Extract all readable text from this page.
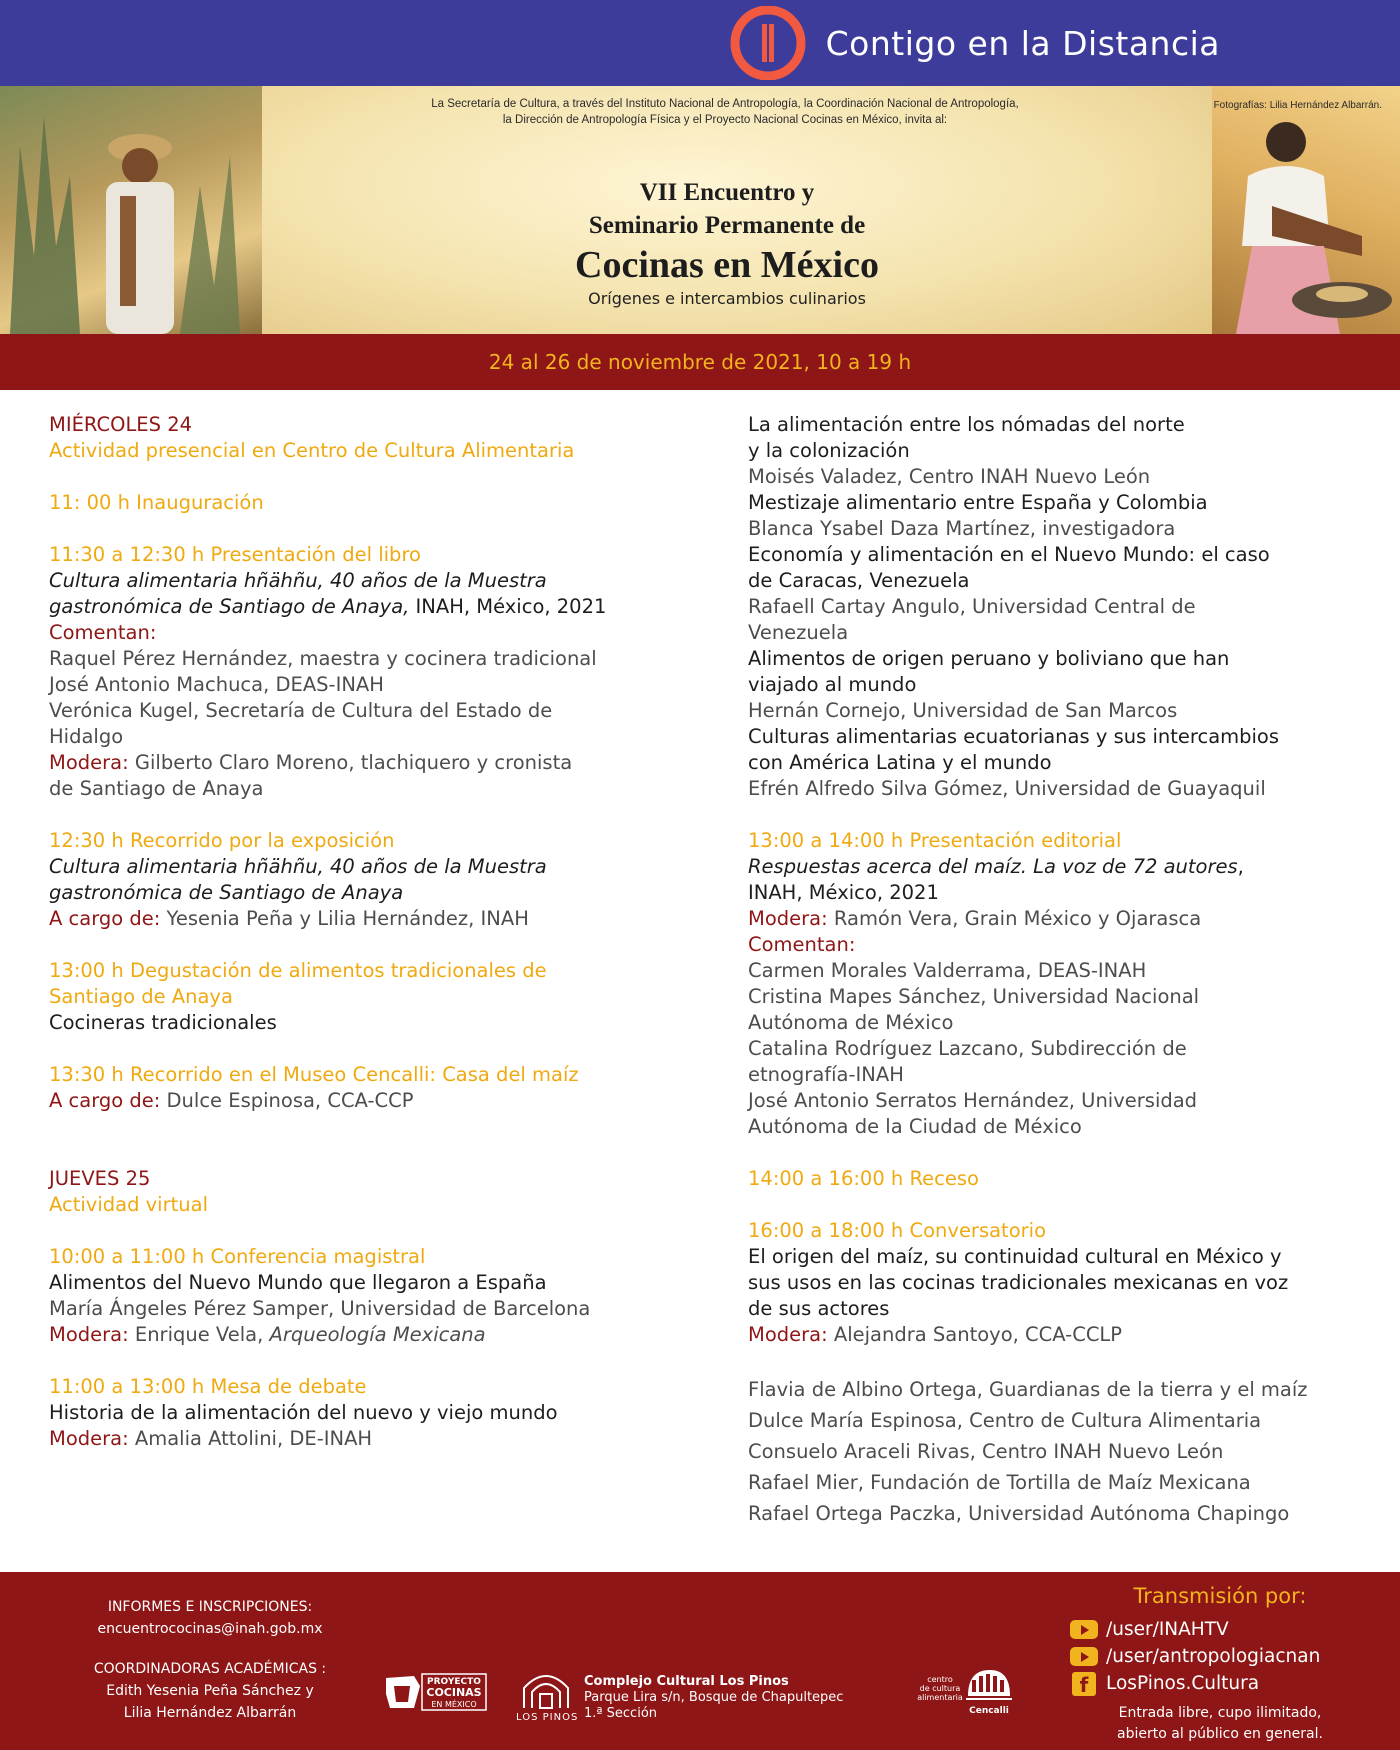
Contigo en la Distancia
La Secretaría de Cultura, a través del Instituto Nacional de Antropología, la Coordinación Nacional de Antropología,
la Dirección de Antropología Física y el Proyecto Nacional Cocinas en México, invita al:
Fotografías: Lilia Hernández Albarrán.
VII Encuentro y
Seminario Permanente de
Cocinas en México
Orígenes e intercambios culinarios
24 al 26 de noviembre de 2021, 10 a 19 h
MIÉRCOLES 24
Actividad presencial en Centro de Cultura Alimentaria
11: 00 h Inauguración
11:30 a 12:30 h Presentación del libro
Cultura alimentaria hñähñu, 40 años de la Muestra
gastronómica de Santiago de Anaya, INAH, México, 2021
Comentan:
Raquel Pérez Hernández, maestra y cocinera tradicional
José Antonio Machuca, DEAS-INAH
Verónica Kugel, Secretaría de Cultura del Estado de
Hidalgo
Modera: Gilberto Claro Moreno, tlachiquero y cronista
de Santiago de Anaya
12:30 h Recorrido por la exposición
Cultura alimentaria hñähñu, 40 años de la Muestra
gastronómica de Santiago de Anaya
A cargo de: Yesenia Peña y Lilia Hernández, INAH
13:00 h Degustación de alimentos tradicionales de
Santiago de Anaya
Cocineras tradicionales
13:30 h Recorrido en el Museo Cencalli: Casa del maíz
A cargo de: Dulce Espinosa, CCA-CCP
JUEVES 25
Actividad virtual
10:00 a 11:00 h Conferencia magistral
Alimentos del Nuevo Mundo que llegaron a España
María Ángeles Pérez Samper, Universidad de Barcelona
Modera: Enrique Vela, Arqueología Mexicana
11:00 a 13:00 h Mesa de debate
Historia de la alimentación del nuevo y viejo mundo
Modera: Amalia Attolini, DE-INAH
La alimentación entre los nómadas del norte
y la colonización
Moisés Valadez, Centro INAH Nuevo León
Mestizaje alimentario entre España y Colombia
Blanca Ysabel Daza Martínez, investigadora
Economía y alimentación en el Nuevo Mundo: el caso
de Caracas, Venezuela
Rafaell Cartay Angulo, Universidad Central de
Venezuela
Alimentos de origen peruano y boliviano que han
viajado al mundo
Hernán Cornejo, Universidad de San Marcos
Culturas alimentarias ecuatorianas y sus intercambios
con América Latina y el mundo
Efrén Alfredo Silva Gómez, Universidad de Guayaquil
13:00 a 14:00 h Presentación editorial
Respuestas acerca del maíz. La voz de 72 autores,
INAH, México, 2021
Modera: Ramón Vera, Grain México y Ojarasca
Comentan:
Carmen Morales Valderrama, DEAS-INAH
Cristina Mapes Sánchez, Universidad Nacional
Autónoma de México
Catalina Rodríguez Lazcano, Subdirección de
etnografía-INAH
José Antonio Serratos Hernández, Universidad
Autónoma de la Ciudad de México
14:00 a 16:00 h Receso
16:00 a 18:00 h Conversatorio
El origen del maíz, su continuidad cultural en México y
sus usos en las cocinas tradicionales mexicanas en voz
de sus actores
Modera: Alejandra Santoyo, CCA-CCLP
Flavia de Albino Ortega, Guardianas de la tierra y el maíz
Dulce María Espinosa, Centro de Cultura Alimentaria
Consuelo Araceli Rivas, Centro INAH Nuevo León
Rafael Mier, Fundación de Tortilla de Maíz Mexicana
Rafael Ortega Paczka, Universidad Autónoma Chapingo
INFORMES E INSCRIPCIONES:
encuentrococinas@inah.gob.mx
COORDINADORAS ACADÉMICAS :
Edith Yesenia Peña Sánchez y
Lilia Hernández Albarrán
PROYECTO
COCINAS
EN MÉXICO
LOS PINOS
Complejo Cultural Los Pinos
Parque Lira s/n, Bosque de Chapultepec
1.ª Sección
centro
de cultura
alimentaria
Cencalli
Transmisión por:
/user/INAHTV
/user/antropologiacnan
f LosPinos.Cultura
Entrada libre, cupo ilimitado,
abierto al público en general.
